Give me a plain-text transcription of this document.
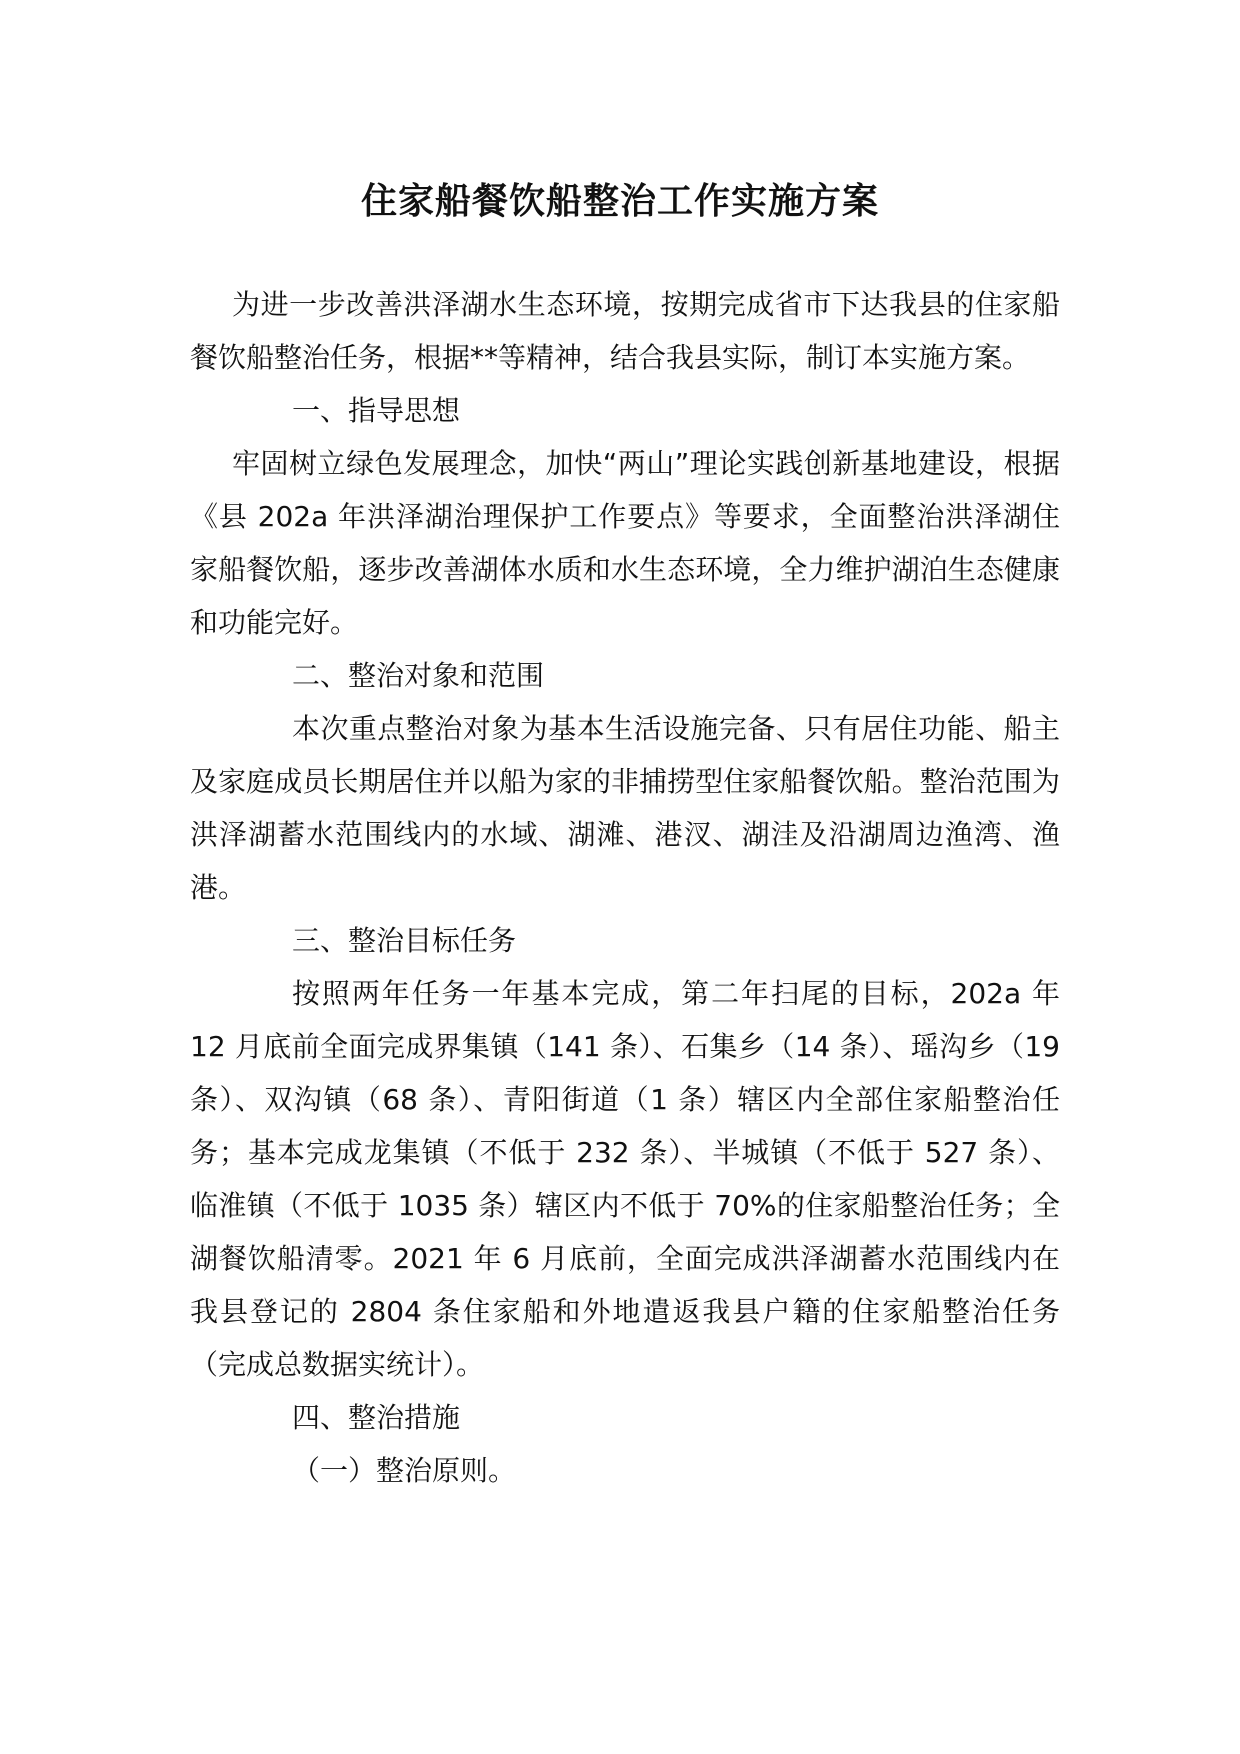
住家船餐饮船整治工作实施方案

为进一步改善洪泽湖水生态环境，按期完成省市下达我县的住家船餐饮船整治任务，根据**等精神，结合我县实际，制订本实施方案。

一、指导思想

牢固树立绿色发展理念，加快“两山”理论实践创新基地建设，根据《县 202a 年洪泽湖治理保护工作要点》等要求，全面整治洪泽湖住家船餐饮船，逐步改善湖体水质和水生态环境，全力维护湖泊生态健康和功能完好。

二、整治对象和范围

本次重点整治对象为基本生活设施完备、只有居住功能、船主及家庭成员长期居住并以船为家的非捕捞型住家船餐饮船。整治范围为洪泽湖蓄水范围线内的水域、湖滩、港汊、湖洼及沿湖周边渔湾、渔港。

三、整治目标任务

按照两年任务一年基本完成，第二年扫尾的目标，202a 年 12 月底前全面完成界集镇（141 条）、石集乡（14 条）、瑶沟乡（19 条）、双沟镇（68 条）、青阳街道（1 条）辖区内全部住家船整治任务；基本完成龙集镇（不低于 232 条）、半城镇（不低于 527 条）、临淮镇（不低于 1035 条）辖区内不低于 70%的住家船整治任务；全湖餐饮船清零。2021 年 6 月底前，全面完成洪泽湖蓄水范围线内在我县登记的 2804 条住家船和外地遣返我县户籍的住家船整治任务（完成总数据实统计）。

四、整治措施

（一）整治原则。
